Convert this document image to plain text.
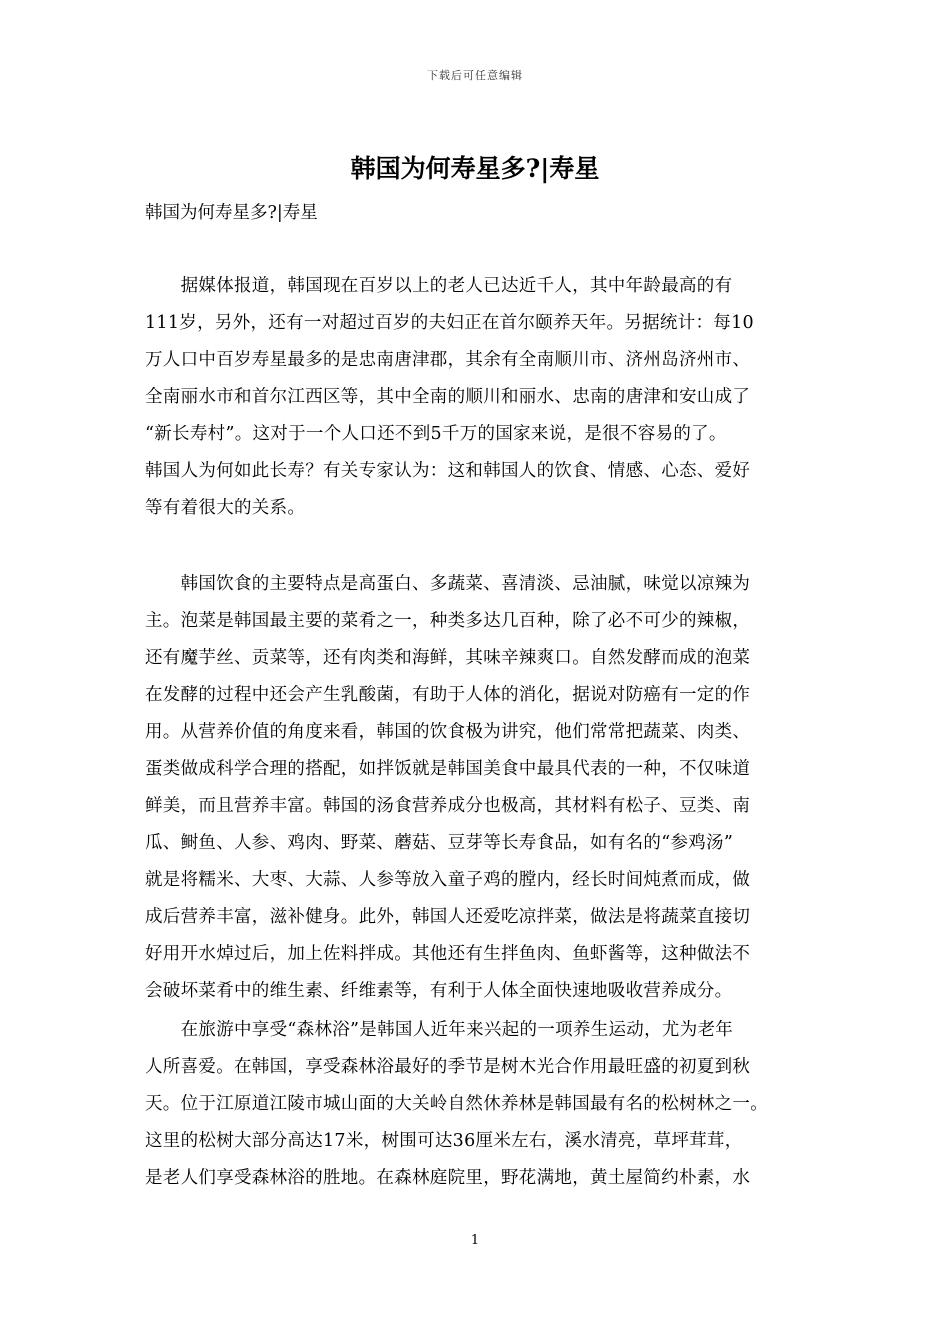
下载后可任意编辑
韩国为何寿星多?|寿星
韩国为何寿星多?|寿星
　　据媒体报道，韩国现在百岁以上的老人已达近千人，其中年龄最高的有
111岁，另外，还有一对超过百岁的夫妇正在首尔颐养天年。另据统计：每10
万人口中百岁寿星最多的是忠南唐津郡，其余有全南顺川市、济州岛济州市、
全南丽水市和首尔江西区等，其中全南的顺川和丽水、忠南的唐津和安山成了
“新长寿村”。这对于一个人口还不到5千万的国家来说，是很不容易的了。
韩国人为何如此长寿？有关专家认为：这和韩国人的饮食、情感、心态、爱好
等有着很大的关系。
　　韩国饮食的主要特点是高蛋白、多蔬菜、喜清淡、忌油腻，味觉以凉辣为
主。泡菜是韩国最主要的菜肴之一，种类多达几百种，除了必不可少的辣椒，
还有魔芋丝、贡菜等，还有肉类和海鲜，其味辛辣爽口。自然发酵而成的泡菜
在发酵的过程中还会产生乳酸菌，有助于人体的消化，据说对防癌有一定的作
用。从营养价值的角度来看，韩国的饮食极为讲究，他们常常把蔬菜、肉类、
蛋类做成科学合理的搭配，如拌饭就是韩国美食中最具代表的一种，不仅味道
鲜美，而且营养丰富。韩国的汤食营养成分也极高，其材料有松子、豆类、南
瓜、鲥鱼、人参、鸡肉、野菜、蘑菇、豆芽等长寿食品，如有名的“参鸡汤”
就是将糯米、大枣、大蒜、人参等放入童子鸡的膛内，经长时间炖煮而成，做
成后营养丰富，滋补健身。此外，韩国人还爱吃凉拌菜，做法是将蔬菜直接切
好用开水焯过后，加上佐料拌成。其他还有生拌鱼肉、鱼虾酱等，这种做法不
会破坏菜肴中的维生素、纤维素等，有利于人体全面快速地吸收营养成分。
　　在旅游中享受“森林浴”是韩国人近年来兴起的一项养生运动，尤为老年
人所喜爱。在韩国，享受森林浴最好的季节是树木光合作用最旺盛的初夏到秋
天。位于江原道江陵市城山面的大关岭自然休养林是韩国最有名的松树林之一。
这里的松树大部分高达17米，树围可达36厘米左右，溪水清亮，草坪茸茸，
是老人们享受森林浴的胜地。在森林庭院里，野花满地，黄土屋简约朴素，水
1
